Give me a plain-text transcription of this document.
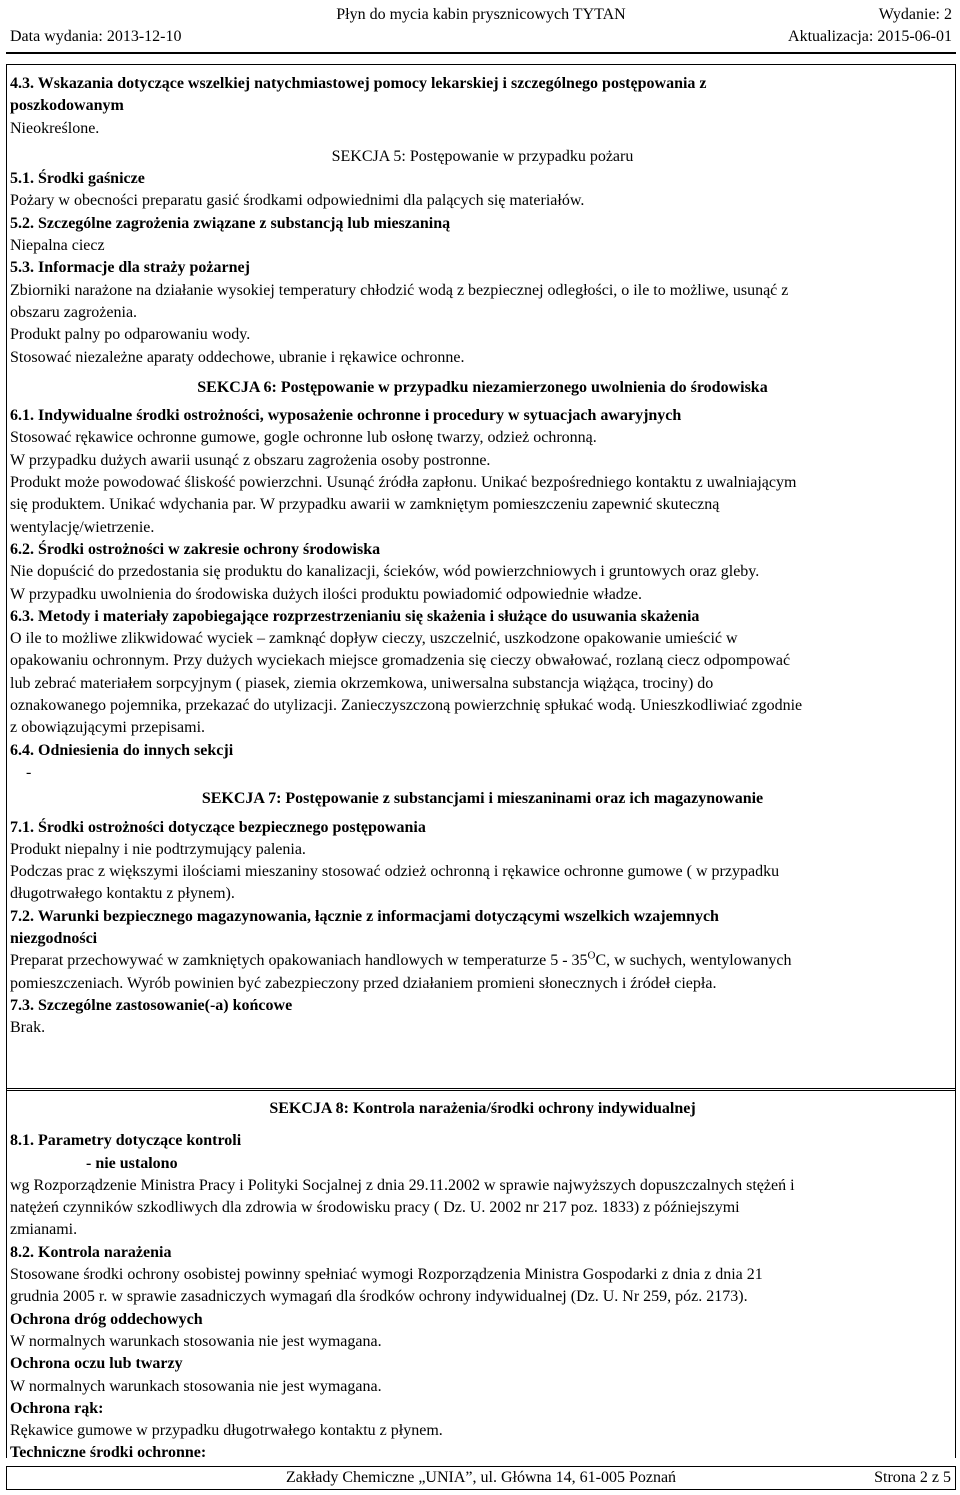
Płyn do mycia kabin prysznicowych TYTAN	Wydanie: 2
Data wydania: 2013-12-10	Aktualizacja: 2015-06-01
4.3. Wskazania dotyczące wszelkiej natychmiastowej pomocy lekarskiej i szczególnego postępowania z
poszkodowanym
Nieokreślone.
SEKCJA 5: Postępowanie w przypadku pożaru
5.1. Środki gaśnicze
Pożary w obecności preparatu gasić środkami odpowiednimi dla palących się materiałów.
5.2. Szczególne zagrożenia związane z substancją lub mieszaniną
Niepalna ciecz
5.3. Informacje dla straży pożarnej
Zbiorniki narażone na działanie wysokiej temperatury chłodzić wodą z bezpiecznej odległości, o ile to możliwe, usunąć z
obszaru zagrożenia.
Produkt palny po odparowaniu wody.
Stosować niezależne aparaty oddechowe, ubranie i rękawice ochronne.
SEKCJA 6: Postępowanie w przypadku niezamierzonego uwolnienia do środowiska
6.1. Indywidualne środki ostrożności, wyposażenie ochronne i procedury w sytuacjach awaryjnych
Stosować rękawice ochronne gumowe, gogle ochronne lub osłonę twarzy, odzież ochronną.
W przypadku dużych awarii usunąć z obszaru zagrożenia osoby postronne.
Produkt może powodować śliskość powierzchni. Usunąć źródła zapłonu. Unikać bezpośredniego kontaktu z uwalniającym
się produktem. Unikać wdychania par. W przypadku awarii w zamkniętym pomieszczeniu zapewnić skuteczną
wentylację/wietrzenie.
6.2. Środki ostrożności w zakresie ochrony środowiska
Nie dopuścić do przedostania się produktu do kanalizacji, ścieków, wód powierzchniowych i gruntowych oraz gleby.
W przypadku uwolnienia do środowiska dużych ilości produktu powiadomić odpowiednie władze.
6.3. Metody i materiały zapobiegające rozprzestrzenianiu się skażenia i służące do usuwania skażenia
O ile to możliwe zlikwidować wyciek – zamknąć dopływ cieczy, uszczelnić, uszkodzone opakowanie umieścić w
opakowaniu ochronnym. Przy dużych wyciekach miejsce gromadzenia się cieczy obwałować, rozlaną ciecz odpompować
lub zebrać materiałem sorpcyjnym ( piasek, ziemia okrzemkowa, uniwersalna substancja wiążąca, trociny) do
oznakowanego pojemnika, przekazać do utylizacji. Zanieczyszczoną powierzchnię spłukać wodą. Unieszkodliwiać zgodnie
z obowiązującymi przepisami.
6.4. Odniesienia do innych sekcji
-
SEKCJA 7: Postępowanie z substancjami i mieszaninami oraz ich magazynowanie
7.1. Środki ostrożności dotyczące bezpiecznego postępowania
Produkt niepalny i nie podtrzymujący palenia.
Podczas prac z większymi ilościami mieszaniny stosować odzież ochronną i rękawice ochronne gumowe ( w przypadku
długotrwałego kontaktu z płynem).
7.2. Warunki bezpiecznego magazynowania, łącznie z informacjami dotyczącymi wszelkich wzajemnych
niezgodności
Preparat przechowywać w zamkniętych opakowaniach handlowych w temperaturze $5 - 35^OC$, w suchych, wentylowanych
pomieszczeniach. Wyrób powinien być zabezpieczony przed działaniem promieni słonecznych i źródeł ciepła.
7.3. Szczególne zastosowanie(-a) końcowe
Brak.
SEKCJA 8: Kontrola narażenia/środki ochrony indywidualnej
8.1. Parametry dotyczące kontroli
- nie ustalono
wg Rozporządzenie Ministra Pracy i Polityki Socjalnej z dnia 29.11.2002 w sprawie najwyższych dopuszczalnych stężeń i
natężeń czynników szkodliwych dla zdrowia w środowisku pracy ( Dz. U. 2002 nr 217 poz. 1833) z późniejszymi
zmianami.
8.2. Kontrola narażenia
Stosowane środki ochrony osobistej powinny spełniać wymogi Rozporządzenia Ministra Gospodarki z dnia z dnia 21
grudnia 2005 r. w sprawie zasadniczych wymagań dla środków ochrony indywidualnej (Dz. U. Nr 259, póz. 2173).
Ochrona dróg oddechowych
W normalnych warunkach stosowania nie jest wymagana.
Ochrona oczu lub twarzy
W normalnych warunkach stosowania nie jest wymagana.
Ochrona rąk:
Rękawice gumowe w przypadku długotrwałego kontaktu z płynem.
Techniczne środki ochronne:
Zakłady Chemiczne „UNIA”, ul. Główna 14, 61-005 Poznań	Strona 2 z 5
